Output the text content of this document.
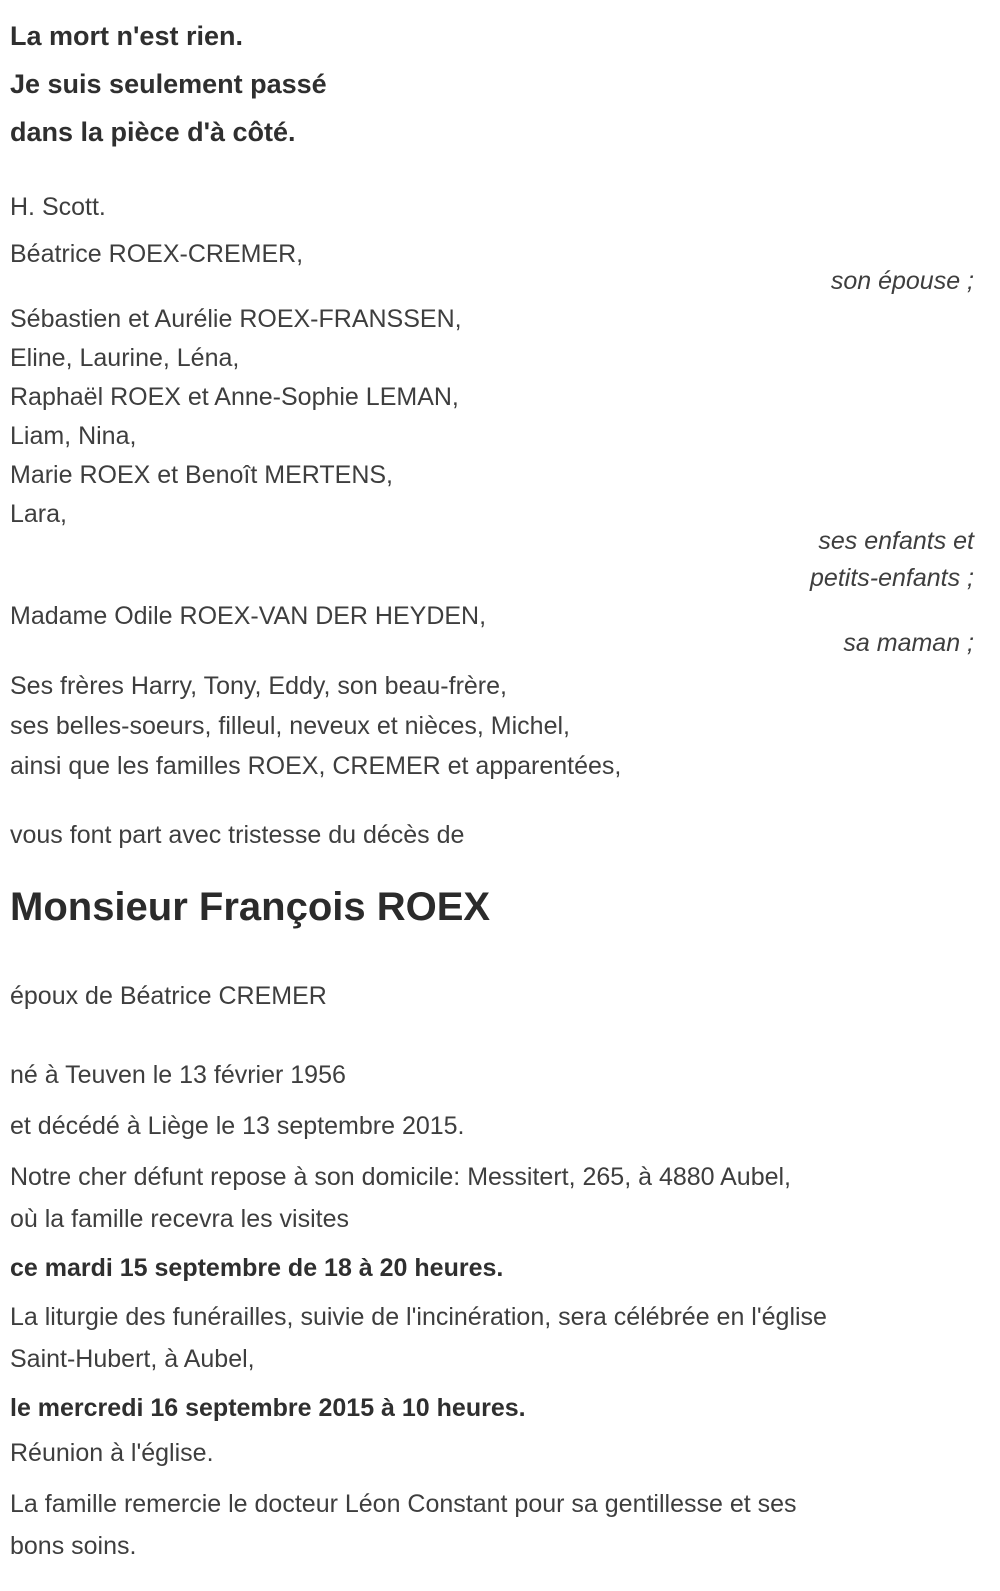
La mort n'est rien.
Je suis seulement passé
dans la pièce d'à côté.
H. Scott.
Béatrice ROEX-CREMER,
son épouse ;
Sébastien et Aurélie ROEX-FRANSSEN,
Eline, Laurine, Léna,
Raphaël ROEX et Anne-Sophie LEMAN,
Liam, Nina,
Marie ROEX et Benoît MERTENS,
Lara,
ses enfants et
petits-enfants ;
Madame Odile ROEX-VAN DER HEYDEN,
sa maman ;
Ses frères Harry, Tony, Eddy, son beau-frère,
ses belles-soeurs, filleul, neveux et nièces, Michel,
ainsi que les familles ROEX, CREMER et apparentées,
vous font part avec tristesse du décès de
Monsieur François ROEX
époux de Béatrice CREMER
né à Teuven le 13 février 1956
et décédé à Liège le 13 septembre 2015.
Notre cher défunt repose à son domicile: Messitert, 265, à 4880 Aubel,
où la famille recevra les visites
ce mardi 15 septembre de 18 à 20 heures.
La liturgie des funérailles, suivie de l'incinération, sera célébrée en l'église
Saint-Hubert, à Aubel,
le mercredi 16 septembre 2015 à 10 heures.
Réunion à l'église.
La famille remercie le docteur Léon Constant pour sa gentillesse et ses
bons soins.
